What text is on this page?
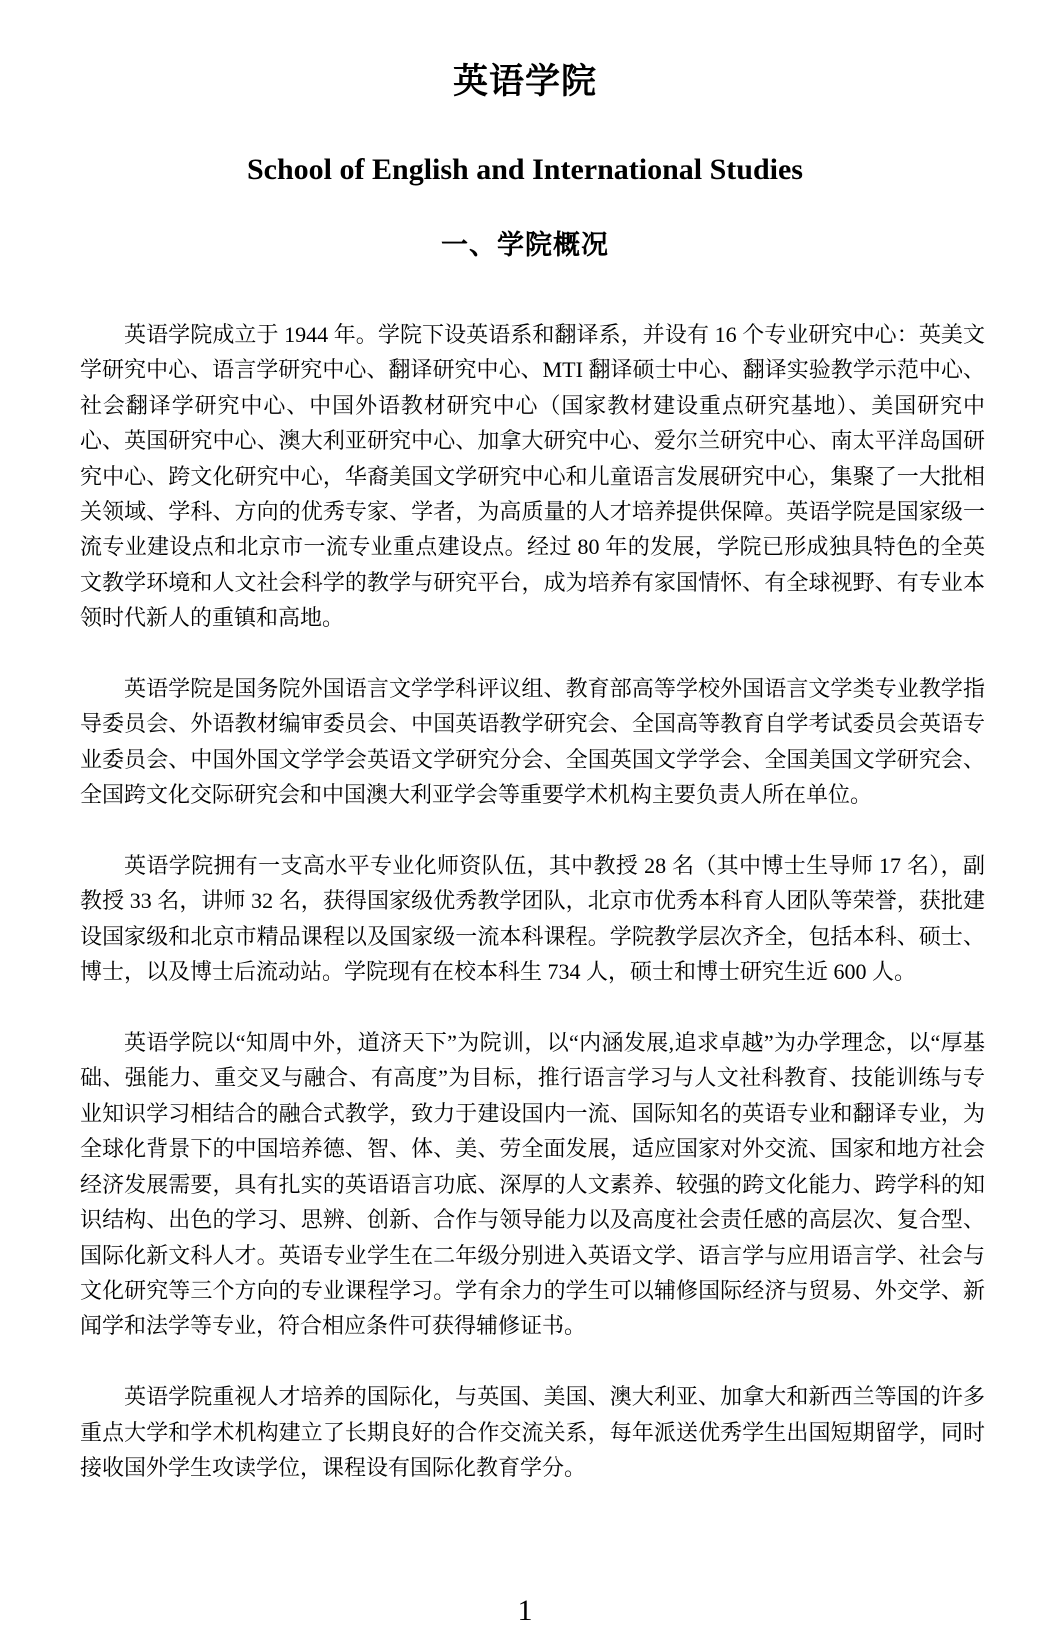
英语学院
School of English and International Studies
一、学院概况

英语学院成立于 1944 年。学院下设英语系和翻译系，并设有 16 个专业研究中心：英美文学研究中心、语言学研究中心、翻译研究中心、MTI 翻译硕士中心、翻译实验教学示范中心、社会翻译学研究中心、中国外语教材研究中心（国家教材建设重点研究基地）、美国研究中心、英国研究中心、澳大利亚研究中心、加拿大研究中心、爱尔兰研究中心、南太平洋岛国研究中心、跨文化研究中心，华裔美国文学研究中心和儿童语言发展研究中心，集聚了一大批相关领域、学科、方向的优秀专家、学者，为高质量的人才培养提供保障。英语学院是国家级一流专业建设点和北京市一流专业重点建设点。经过 80 年的发展，学院已形成独具特色的全英文教学环境和人文社会科学的教学与研究平台，成为培养有家国情怀、有全球视野、有专业本领时代新人的重镇和高地。

英语学院是国务院外国语言文学学科评议组、教育部高等学校外国语言文学类专业教学指导委员会、外语教材编审委员会、中国英语教学研究会、全国高等教育自学考试委员会英语专业委员会、中国外国文学学会英语文学研究分会、全国英国文学学会、全国美国文学研究会、全国跨文化交际研究会和中国澳大利亚学会等重要学术机构主要负责人所在单位。

英语学院拥有一支高水平专业化师资队伍，其中教授 28 名（其中博士生导师 17 名），副教授 33 名，讲师 32 名，获得国家级优秀教学团队，北京市优秀本科育人团队等荣誉，获批建设国家级和北京市精品课程以及国家级一流本科课程。学院教学层次齐全，包括本科、硕士、博士，以及博士后流动站。学院现有在校本科生 734 人，硕士和博士研究生近 600 人。

英语学院以“知周中外，道济天下”为院训，以“内涵发展,追求卓越”为办学理念，以“厚基础、强能力、重交叉与融合、有高度”为目标，推行语言学习与人文社科教育、技能训练与专业知识学习相结合的融合式教学，致力于建设国内一流、国际知名的英语专业和翻译专业，为全球化背景下的中国培养德、智、体、美、劳全面发展，适应国家对外交流、国家和地方社会经济发展需要，具有扎实的英语语言功底、深厚的人文素养、较强的跨文化能力、跨学科的知识结构、出色的学习、思辨、创新、合作与领导能力以及高度社会责任感的高层次、复合型、国际化新文科人才。英语专业学生在二年级分别进入英语文学、语言学与应用语言学、社会与文化研究等三个方向的专业课程学习。学有余力的学生可以辅修国际经济与贸易、外交学、新闻学和法学等专业，符合相应条件可获得辅修证书。

英语学院重视人才培养的国际化，与英国、美国、澳大利亚、加拿大和新西兰等国的许多重点大学和学术机构建立了长期良好的合作交流关系，每年派送优秀学生出国短期留学，同时接收国外学生攻读学位，课程设有国际化教育学分。

1
